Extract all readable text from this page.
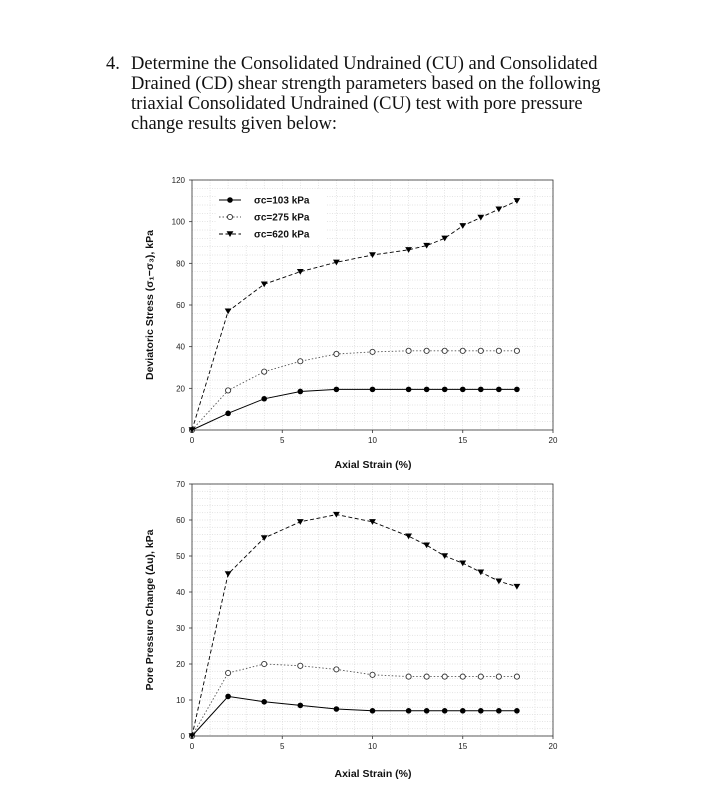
4. Determine the Consolidated Undrained (CU) and Consolidated
Drained (CD) shear strength parameters based on the following
triaxial Consolidated Undrained (CU) test with pore pressure
change results given below:
0	5	10	15	20
0
20
40
60
80
100
120
Axial Strain (%)
Deviatoric Stress (σ₁−σ₃), kPa
σc=103 kPa
σc=275 kPa
σc=620 kPa
0	5	10	15	20
0
10
20
30
40
50
60
70
Axial Strain (%)
Pore Pressure Change (Δu), kPa
